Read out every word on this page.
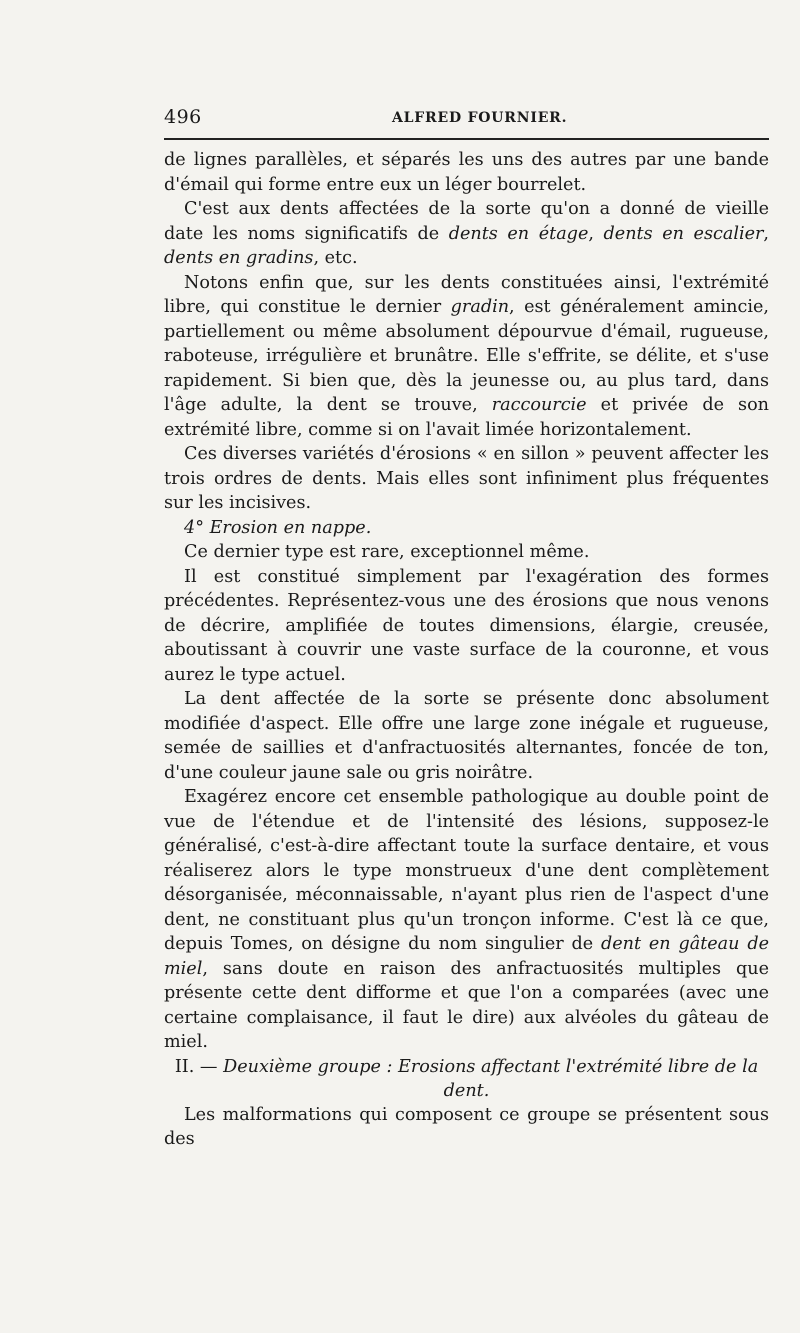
496	ALFRED FOURNIER.

de lignes parallèles, et séparés les uns des autres par une bande d'émail qui forme entre eux un léger bourrelet.

C'est aux dents affectées de la sorte qu'on a donné de vieille date les noms significatifs de dents en étage, dents en escalier, dents en gradins, etc.

Notons enfin que, sur les dents constituées ainsi, l'extrémité libre, qui constitue le dernier gradin, est généralement amincie, partiellement ou même absolument dépourvue d'émail, rugueuse, raboteuse, irrégulière et brunâtre. Elle s'effrite, se délite, et s'use rapidement. Si bien que, dès la jeunesse ou, au plus tard, dans l'âge adulte, la dent se trouve, raccourcie et privée de son extrémité libre, comme si on l'avait limée horizontalement.

Ces diverses variétés d'érosions « en sillon » peuvent affecter les trois ordres de dents. Mais elles sont infiniment plus fréquentes sur les incisives.

4° Erosion en nappe.

Ce dernier type est rare, exceptionnel même.

Il est constitué simplement par l'exagération des formes précédentes. Représentez-vous une des érosions que nous venons de décrire, amplifiée de toutes dimensions, élargie, creusée, aboutissant à couvrir une vaste surface de la couronne, et vous aurez le type actuel.

La dent affectée de la sorte se présente donc absolument modifiée d'aspect. Elle offre une large zone inégale et rugueuse, semée de saillies et d'anfractuosités alternantes, foncée de ton, d'une couleur jaune sale ou gris noirâtre.

Exagérez encore cet ensemble pathologique au double point de vue de l'étendue et de l'intensité des lésions, supposez-le généralisé, c'est-à-dire affectant toute la surface dentaire, et vous réaliserez alors le type monstrueux d'une dent complètement désorganisée, méconnaissable, n'ayant plus rien de l'aspect d'une dent, ne constituant plus qu'un tronçon informe. C'est là ce que, depuis Tomes, on désigne du nom singulier de dent en gâteau de miel, sans doute en raison des anfractuosités multiples que présente cette dent difforme et que l'on a comparées (avec une certaine complaisance, il faut le dire) aux alvéoles du gâteau de miel.

II. — Deuxième groupe : Erosions affectant l'extrémité libre de la dent.

Les malformations qui composent ce groupe se présentent sous des
